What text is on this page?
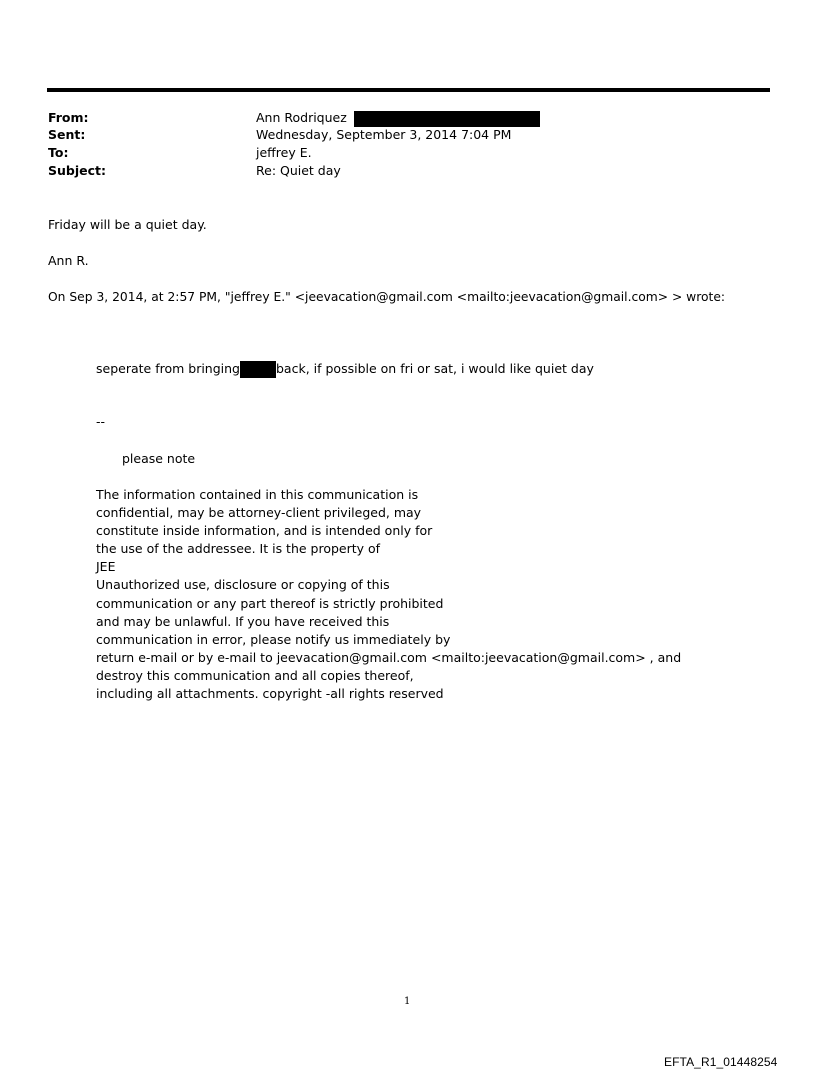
From:	Ann Rodriquez
Sent:	Wednesday, September 3, 2014 7:04 PM
To:	jeffrey E.
Subject:	Re: Quiet day
Friday will be a quiet day.
Ann R.
On Sep 3, 2014, at 2:57 PM, "jeffrey E." <jeevacation@gmail.com <mailto:jeevacation@gmail.com> > wrote:
seperate from bringing	back, if possible on fri or sat, i would like quiet day
--
please note
The information contained in this communication is
confidential, may be attorney-client privileged, may
constitute inside information, and is intended only for
the use of the addressee. It is the property of
JEE
Unauthorized use, disclosure or copying of this
communication or any part thereof is strictly prohibited
and may be unlawful. If you have received this
communication in error, please notify us immediately by
return e-mail or by e-mail to jeevacation@gmail.com <mailto:jeevacation@gmail.com> , and
destroy this communication and all copies thereof,
including all attachments. copyright -all rights reserved
1
EFTA_R1_01448254
